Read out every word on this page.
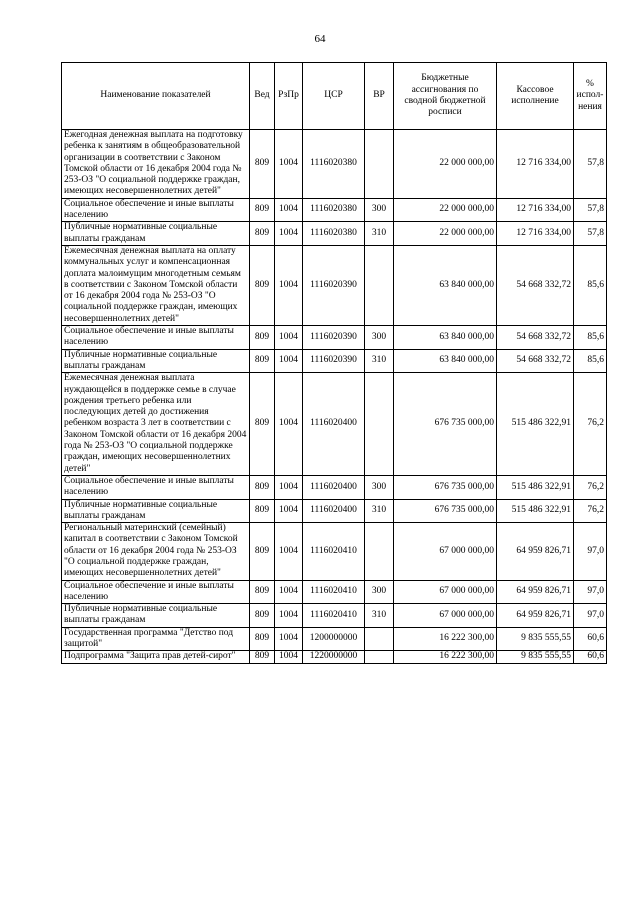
64
Наименование показателей	Вед	РзПр	ЦСР	ВР	Бюджетные ассигнования по сводной бюджетной росписи	Кассовое исполнение	% испол-нения
Ежегодная денежная выплата на подготовку ребенка к занятиям в общеобразовательной организации в соответствии с Законом Томской области от 16 декабря 2004 года № 253-ОЗ "О социальной поддержке граждан, имеющих несовершеннолетних детей"	809	1004	1116020380		22 000 000,00	12 716 334,00	57,8
Социальное обеспечение и иные выплаты населению	809	1004	1116020380	300	22 000 000,00	12 716 334,00	57,8
Публичные нормативные социальные выплаты гражданам	809	1004	1116020380	310	22 000 000,00	12 716 334,00	57,8
Ежемесячная денежная выплата на оплату коммунальных услуг и компенсационная доплата малоимущим многодетным семьям в соответствии с Законом Томской области от 16 декабря 2004 года № 253-ОЗ "О социальной поддержке граждан, имеющих несовершеннолетних детей"	809	1004	1116020390		63 840 000,00	54 668 332,72	85,6
Социальное обеспечение и иные выплаты населению	809	1004	1116020390	300	63 840 000,00	54 668 332,72	85,6
Публичные нормативные социальные выплаты гражданам	809	1004	1116020390	310	63 840 000,00	54 668 332,72	85,6
Ежемесячная денежная выплата нуждающейся в поддержке семье в случае рождения третьего ребенка или последующих детей до достижения ребенком возраста 3 лет в соответствии с Законом Томской области от 16 декабря 2004 года № 253-ОЗ "О социальной поддержке граждан, имеющих несовершеннолетних детей"	809	1004	1116020400		676 735 000,00	515 486 322,91	76,2
Социальное обеспечение и иные выплаты населению	809	1004	1116020400	300	676 735 000,00	515 486 322,91	76,2
Публичные нормативные социальные выплаты гражданам	809	1004	1116020400	310	676 735 000,00	515 486 322,91	76,2
Региональный материнский (семейный) капитал в соответствии с Законом Томской области от 16 декабря 2004 года № 253-ОЗ "О социальной поддержке граждан, имеющих несовершеннолетних детей"	809	1004	1116020410		67 000 000,00	64 959 826,71	97,0
Социальное обеспечение и иные выплаты населению	809	1004	1116020410	300	67 000 000,00	64 959 826,71	97,0
Публичные нормативные социальные выплаты гражданам	809	1004	1116020410	310	67 000 000,00	64 959 826,71	97,0
Государственная программа "Детство под защитой"	809	1004	1200000000		16 222 300,00	9 835 555,55	60,6
Подпрограмма "Защита прав детей-сирот"	809	1004	1220000000		16 222 300,00	9 835 555,55	60,6
